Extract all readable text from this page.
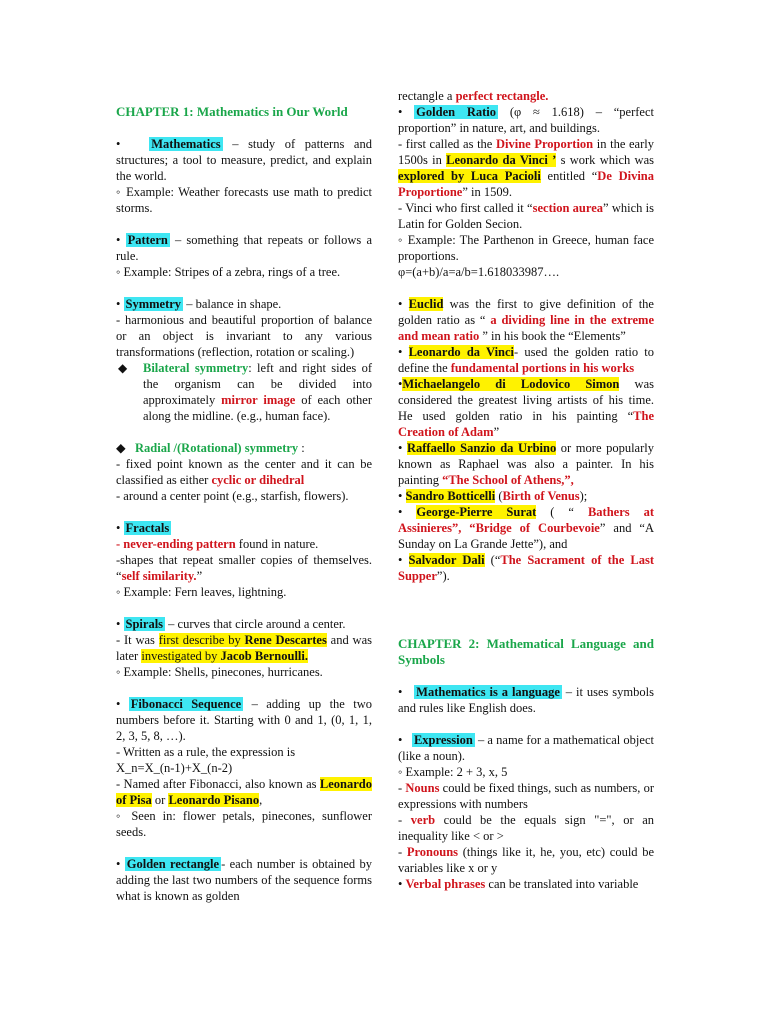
CHAPTER 1: Mathematics in Our World

•   Mathematics – study of patterns and structures; a tool to measure, predict, and explain the world.

◦ Example: Weather forecasts use math to predict storms.

• Pattern – something that repeats or follows a rule.

◦ Example: Stripes of a zebra, rings of a tree.

• Symmetry – balance in shape.

- harmonious and beautiful proportion of balance or an object is invariant to any various transformations (reflection, rotation or scaling.)

◆ Bilateral symmetry: left and right sides of the organism can be divided into approximately mirror image of each other along the midline. (e.g., human face).

◆ Radial /(Rotational) symmetry :

- fixed point known as the center and it can be classified as either cyclic or dihedral

- around a center point (e.g., starfish, flowers).

• Fractals

- never-ending pattern found in nature.

-shapes that repeat smaller copies of themselves. “self similarity.”

◦ Example: Fern leaves, lightning.

• Spirals – curves that circle around a center.

- It was first describe by Rene Descartes and was later investigated by Jacob Bernoulli.

◦ Example: Shells, pinecones, hurricanes.

• Fibonacci Sequence – adding up the two numbers before it. Starting with 0 and 1, (0, 1, 1, 2, 3, 5, 8, …).

- Written as a rule, the expression is

X_n=X_(n-1)+X_(n-2)

- Named after Fibonacci, also known as Leonardo of Pisa or Leonardo Pisano,

◦ Seen in: flower petals, pinecones, sunflower seeds.

• Golden rectangle - each number is obtained by adding the last two numbers of the sequence forms what is known as golden

rectangle a perfect rectangle.

• Golden Ratio (φ ≈ 1.618) – “perfect proportion” in nature, art, and buildings.

- first called as the Divine Proportion in the early 1500s in Leonardo da Vinci ’ s work which was explored by Luca Pacioli entitled “De Divina Proportione” in 1509.

- Vinci who first called it “section aurea” which is Latin for Golden Secion.

◦ Example: The Parthenon in Greece, human face proportions.

φ=(a+b)/a=a/b=1.618033987….

• Euclid was the first to give definition of the golden ratio as “ a dividing line in the extreme and mean ratio ” in his book the “Elements”

• Leonardo da Vinci- used the golden ratio to define the fundamental portions in his works

•Michaelangelo di Lodovico Simon was considered the greatest living artists of his time. He used golden ratio in his painting “The Creation of Adam”

• Raffaello Sanzio da Urbino or more popularly known as Raphael was also a painter. In his painting “The School of Athens,”,

• Sandro Botticelli (Birth of Venus);

• George-Pierre Surat ( “ Bathers at Assinieres”, “Bridge of Courbevoie” and “A Sunday on La Grande Jette”), and

• Salvador Dali (“The Sacrament of the Last Supper”).

CHAPTER 2: Mathematical Language and Symbols

•   Mathematics is a language – it uses symbols and rules like English does.

•   Expression – a name for a mathematical object (like a noun).

◦ Example: 2 + 3, x, 5

- Nouns could be fixed things, such as numbers, or expressions with numbers

- verb could be the equals sign "=", or an inequality like < or >

- Pronouns (things like it, he, you, etc) could be variables like x or y

• Verbal phrases can be translated into variable
